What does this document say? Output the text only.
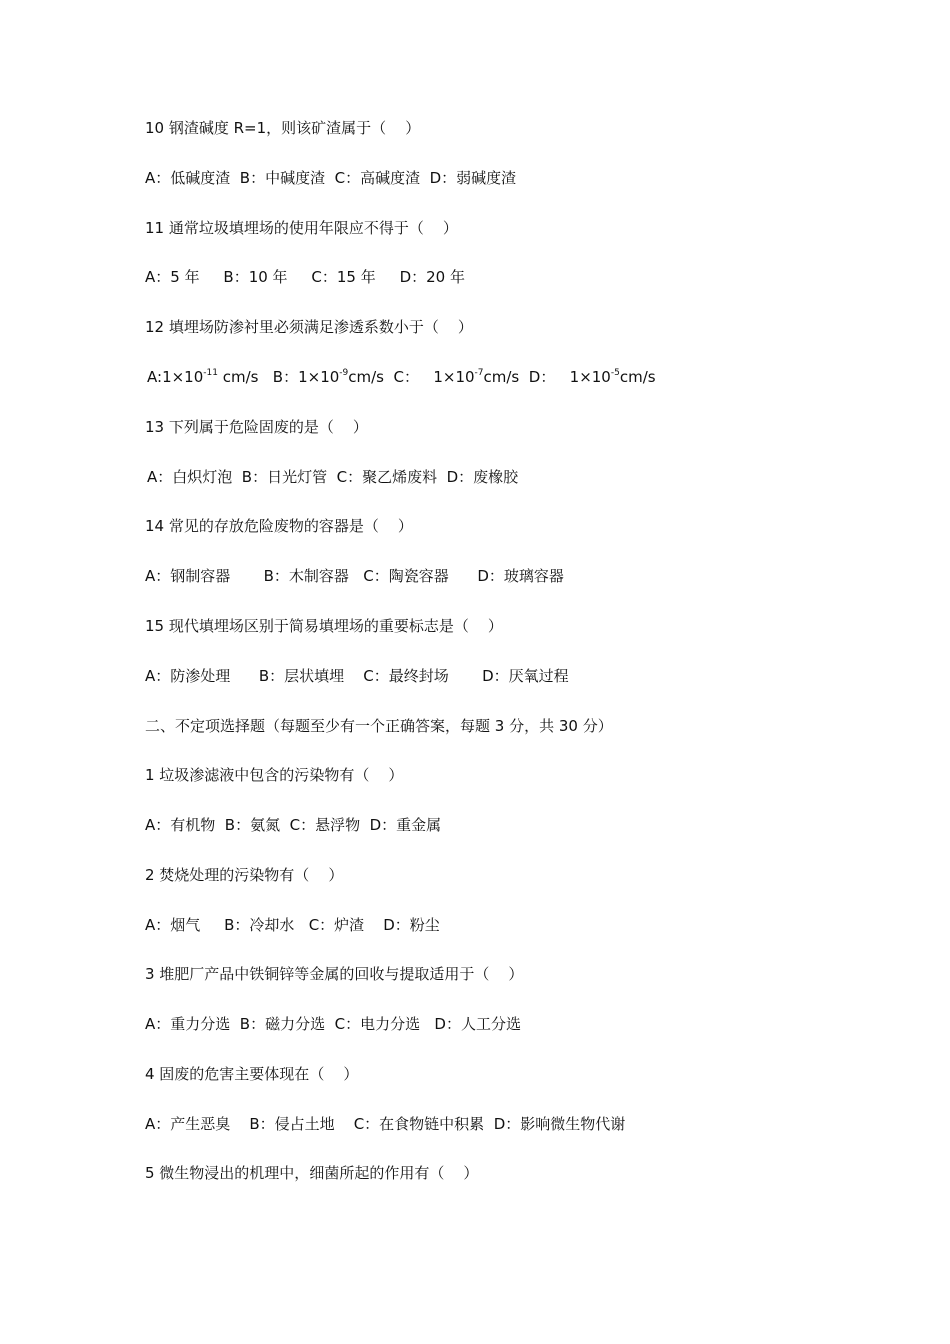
10 钢渣碱度 R=1，则该矿渣属于（    ）
A：低碱度渣  B：中碱度渣  C：高碱度渣  D：弱碱度渣
11 通常垃圾填埋场的使用年限应不得于（    ）
A：5 年     B：10 年     C：15 年     D：20 年
12 填埋场防渗衬里必须满足渗透系数小于（    ）
$A:1\times 10^{-11}$ cm/s   B：$1\times 10^{-9}cm/s$  C：   $1\times 10^{-7}cm/s$  D：   $1\times 10^{-5}cm/s$
13 下列属于危险固废的是（    ）
A：白炽灯泡  B：日光灯管  C：聚乙烯废料  D：废橡胶
14 常见的存放危险废物的容器是（    ）
A：钢制容器       B：木制容器   C：陶瓷容器      D：玻璃容器
15 现代填埋场区别于简易填埋场的重要标志是（    ）
A：防渗处理      B：层状填埋    C：最终封场       D：厌氧过程
二、不定项选择题（每题至少有一个正确答案，每题 3 分，共 30 分）
1 垃圾渗滤液中包含的污染物有（    ）
A：有机物  B：氨氮  C：悬浮物  D：重金属
2 焚烧处理的污染物有（    ）
A：烟气     B：冷却水   C：炉渣    D：粉尘
3 堆肥厂产品中铁铜锌等金属的回收与提取适用于（    ）
A：重力分选  B：磁力分选  C：电力分选   D：人工分选
4 固废的危害主要体现在（    ）
A：产生恶臭    B：侵占土地    C：在食物链中积累  D：影响微生物代谢
5 微生物浸出的机理中，细菌所起的作用有（    ）
